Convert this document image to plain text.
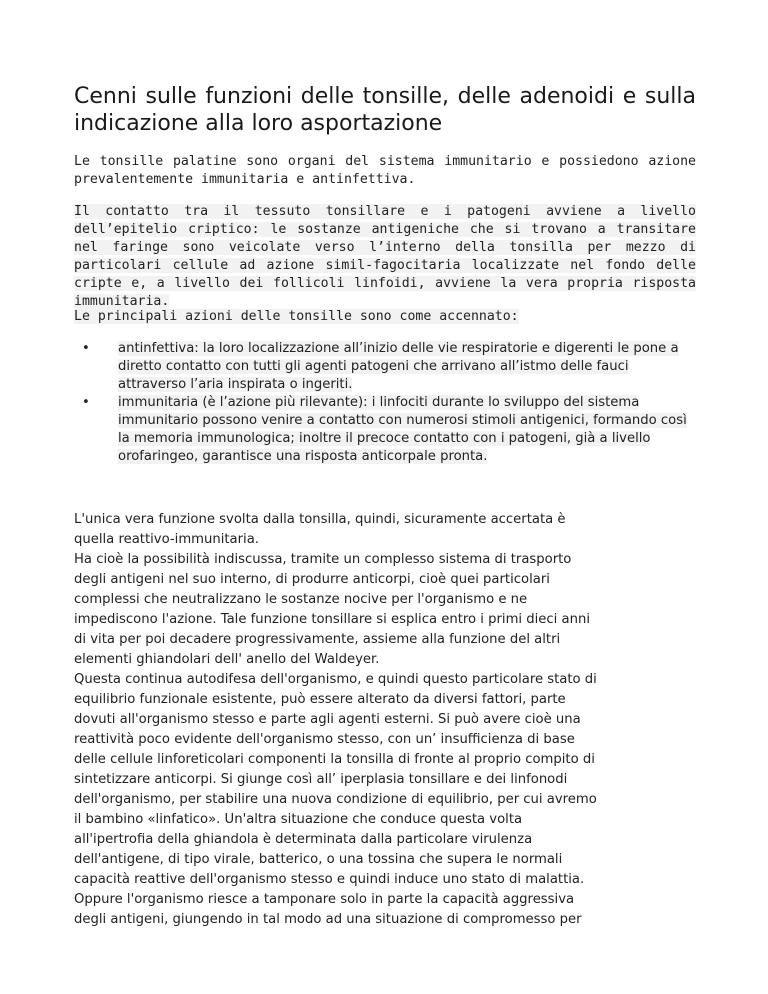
Cenni sulle funzioni delle tonsille, delle adenoidi e sulla indicazione alla loro asportazione

Le tonsille palatine sono organi del sistema immunitario e possiedono azione prevalentemente immunitaria e antinfettiva.

Il contatto tra il tessuto tonsillare e i patogeni avviene a livello dell’epitelio criptico: le sostanze antigeniche che si trovano a transitare nel faringe sono veicolate verso l’interno della tonsilla per mezzo di particolari cellule ad azione simil-fagocitaria localizzate nel fondo delle cripte e, a livello dei follicoli linfoidi, avviene la vera propria risposta immunitaria.

Le principali azioni delle tonsille sono come accennato:

• antinfettiva: la loro localizzazione all’inizio delle vie respiratorie e digerenti le pone a diretto contatto con tutti gli agenti patogeni che arrivano all’istmo delle fauci attraverso l’aria inspirata o ingeriti.
• immunitaria (è l’azione più rilevante): i linfociti durante lo sviluppo del sistema immunitario possono venire a contatto con numerosi stimoli antigenici, formando così la memoria immunologica; inoltre il precoce contatto con i patogeni, già a livello orofaringeo, garantisce una risposta anticorpale pronta.
L'unica vera funzione svolta dalla tonsilla, quindi, sicuramente accertata è
quella reattivo-immunitaria.
Ha cioè la possibilità indiscussa, tramite un complesso sistema di trasporto
degli antigeni nel suo interno, di produrre anticorpi, cioè quei particolari
complessi che neutralizzano le sostanze nocive per l'organismo e ne
impediscono l'azione. Tale funzione tonsillare si esplica entro i primi dieci anni
di vita per poi decadere progressivamente, assieme alla funzione del altri
elementi ghiandolari dell' anello del Waldeyer.
Questa continua autodifesa dell'organismo, e quindi questo particolare stato di
equilibrio funzionale esistente, può essere alterato da diversi fattori, parte
dovuti all'organismo stesso e parte agli agenti esterni. Si può avere cioè una
reattività poco evidente dell'organismo stesso, con un’ insufficienza di base
delle cellule linforeticolari componenti la tonsilla di fronte al proprio compito di
sintetizzare anticorpi. Si giunge così all’ iperplasia tonsillare e dei linfonodi
dell'organismo, per stabilire una nuova condizione di equilibrio, per cui avremo
il bambino «linfatico». Un'altra situazione che conduce questa volta
all'ipertrofia della ghiandola è determinata dalla particolare virulenza
dell'antigene, di tipo virale, batterico, o una tossina che supera le normali
capacità reattive dell'organismo stesso e quindi induce uno stato di malattia.
Oppure l'organismo riesce a tamponare solo in parte la capacità aggressiva
degli antigeni, giungendo in tal modo ad una situazione di compromesso per
